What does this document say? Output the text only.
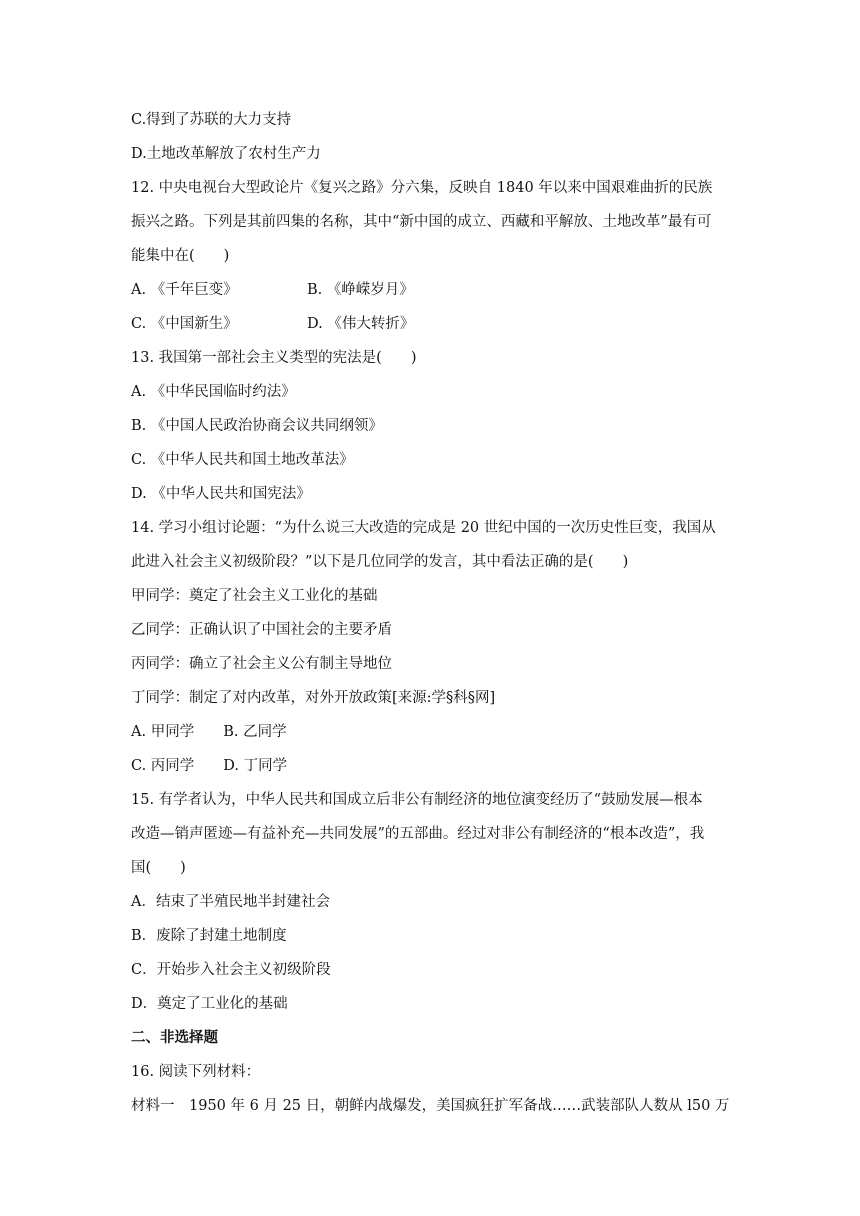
C.得到了苏联的大力支持
D.土地改革解放了农村生产力
12. 中央电视台大型政论片《复兴之路》分六集，反映自 1840 年以来中国艰难曲折的民族
振兴之路。下列是其前四集的名称，其中“新中国的成立、西藏和平解放、土地改革”最有可
能集中在(　　)
A. 《千年巨变》	B. 《峥嵘岁月》
C. 《中国新生》	D. 《伟大转折》
13. 我国第一部社会主义类型的宪法是(　　)
A. 《中华民国临时约法》
B. 《中国人民政治协商会议共同纲领》
C. 《中华人民共和国土地改革法》
D. 《中华人民共和国宪法》
14. 学习小组讨论题：“为什么说三大改造的完成是 20 世纪中国的一次历史性巨变，我国从
此进入社会主义初级阶段？”以下是几位同学的发言，其中看法正确的是(　　)
甲同学：奠定了社会主义工业化的基础
乙同学：正确认识了中国社会的主要矛盾
丙同学：确立了社会主义公有制主导地位
丁同学：制定了对内改革，对外开放政策[来源:学§科§网]
A. 甲同学　　B. 乙同学
C. 丙同学　　D. 丁同学
15. 有学者认为，中华人民共和国成立后非公有制经济的地位演变经历了“鼓励发展—根本
改造—销声匿迹—有益补充—共同发展”的五部曲。经过对非公有制经济的“根本改造”，我
国(　　)
A．结束了半殖民地半封建社会
B．废除了封建土地制度
C．开始步入社会主义初级阶段
D．奠定了工业化的基础
二、非选择题
16. 阅读下列材料：
材料一　1950 年 6 月 25 日，朝鲜内战爆发，美国疯狂扩军备战……武装部队人数从 l50 万
